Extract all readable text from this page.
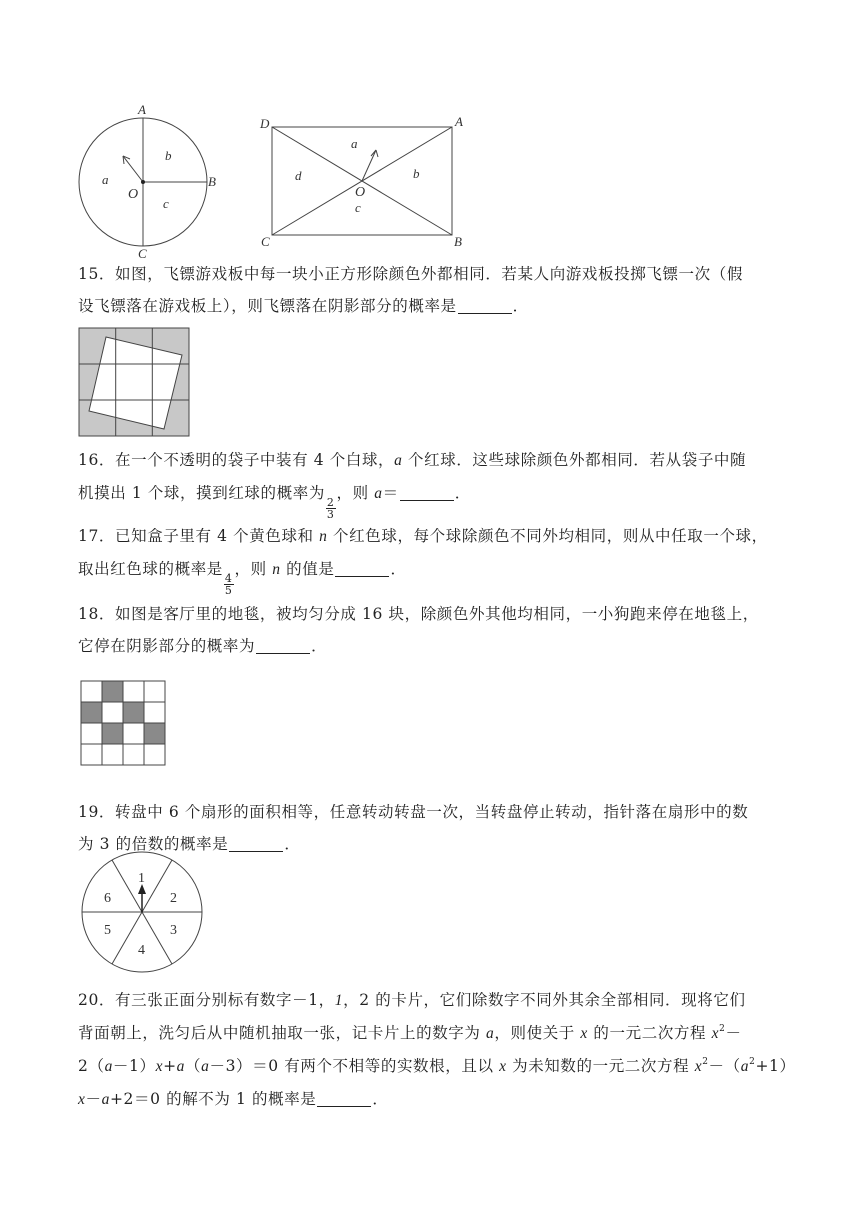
A
B
C
O
a
b
c
D	A
C	B
O
a
b
c
d
15．如图，飞镖游戏板中每一块小正方形除颜色外都相同．若某人向游戏板投掷飞镖一次（假
设飞镖落在游戏板上），则飞镖落在阴影部分的概率是	．
16．在一个不透明的袋子中装有 4 个白球，a 个红球．这些球除颜色外都相同．若从袋子中随
机摸出 1 个球，摸到红球的概率为
$\frac{2}{3}$
，则 a＝	．
17．已知盒子里有 4 个黄色球和 n 个红色球，每个球除颜色不同外均相同，则从中任取一个球，
取出红色球的概率是
$\frac{4}{5}$
，则 n 的值是	．
18．如图是客厅里的地毯，被均匀分成 16 块，除颜色外其他均相同，一小狗跑来停在地毯上，
它停在阴影部分的概率为	．
19．转盘中 6 个扇形的面积相等，任意转动转盘一次，当转盘停止转动，指针落在扇形中的数
为 3 的倍数的概率是	．
1
2
3
4
5
6
20．有三张正面分别标有数字－1，1，2 的卡片，它们除数字不同外其余全部相同．现将它们
背面朝上，洗匀后从中随机抽取一张，记卡片上的数字为 a，则使关于 x 的一元二次方程 $x^2-$
2（a－1）x+a（a－3）＝0 有两个不相等的实数根，且以 x 为未知数的一元二次方程 $x^2-(a^2+1)$
x－a+2＝0 的解不为 1 的概率是	．
